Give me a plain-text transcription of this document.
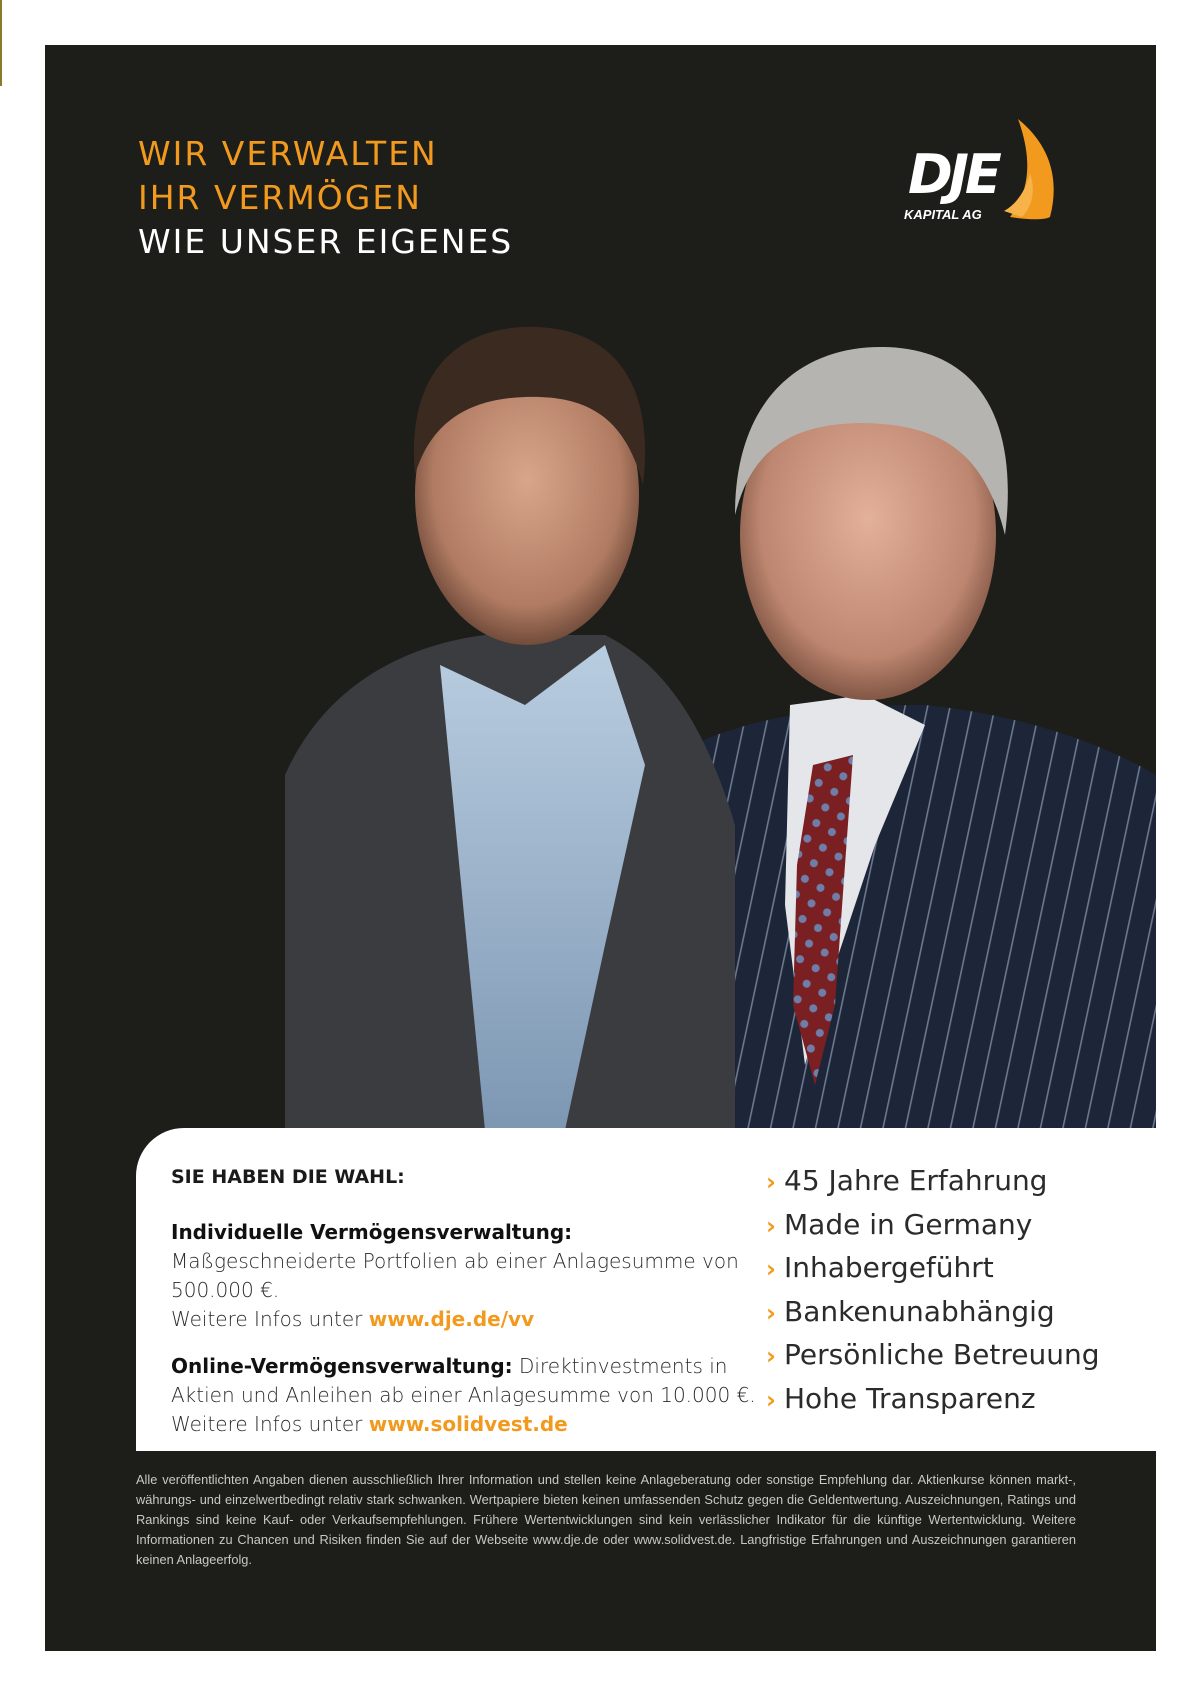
WIR VERWALTEN
IHR VERMÖGEN
WIE UNSER EIGENES
DJE
KAPITAL AG

SIE HABEN DIE WAHL:

Individuelle Vermögensverwaltung: Maßgeschneiderte Portfolien ab einer Anlagesumme von 500.000 €.
Weitere Infos unter www.dje.de/vv

Online-Vermögensverwaltung: Direktinvestments in Aktien und Anleihen ab einer Anlagesumme von 10.000 €.
Weitere Infos unter www.solidvest.de

› 45 Jahre Erfahrung
› Made in Germany
› Inhabergeführt
› Bankenunabhängig
› Persönliche Betreuung
› Hohe Transparenz

Alle veröffentlichten Angaben dienen ausschließlich Ihrer Information und stellen keine Anlageberatung oder sonstige Empfehlung dar. Aktienkurse können markt-, währungs- und einzelwertbedingt relativ stark schwanken. Wertpapiere bieten keinen umfassenden Schutz gegen die Geldentwertung. Auszeichnungen, Ratings und Rankings sind keine Kauf- oder Verkaufsempfehlungen. Frühere Wertentwicklungen sind kein verlässlicher Indikator für die künftige Wertentwicklung. Weitere Informationen zu Chancen und Risiken finden Sie auf der Webseite www.dje.de oder www.solidvest.de. Langfristige Erfahrungen und Auszeichnungen garantieren keinen Anlageerfolg.
